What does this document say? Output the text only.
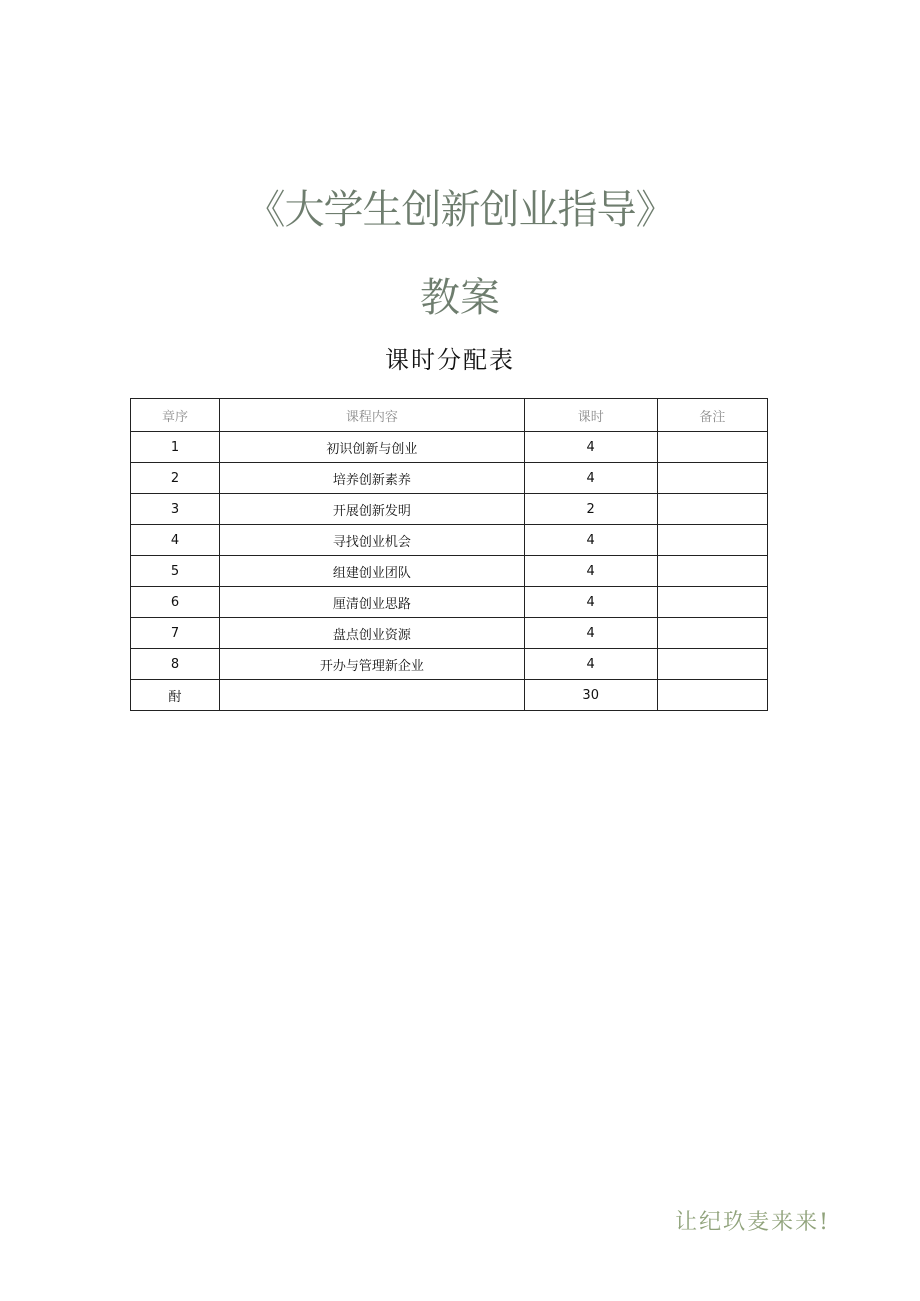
《大学生创新创业指导》
教案
课时分配表
章序	课程内容	课时	备注
1	初识创新与创业	4	
2	培养创新素养	4	
3	开展创新发明	2	
4	寻找创业机会	4	
5	组建创业团队	4	
6	厘清创业思路	4	
7	盘点创业资源	4	
8	开办与管理新企业	4	
酎		30	
让纪玖麦来来!
